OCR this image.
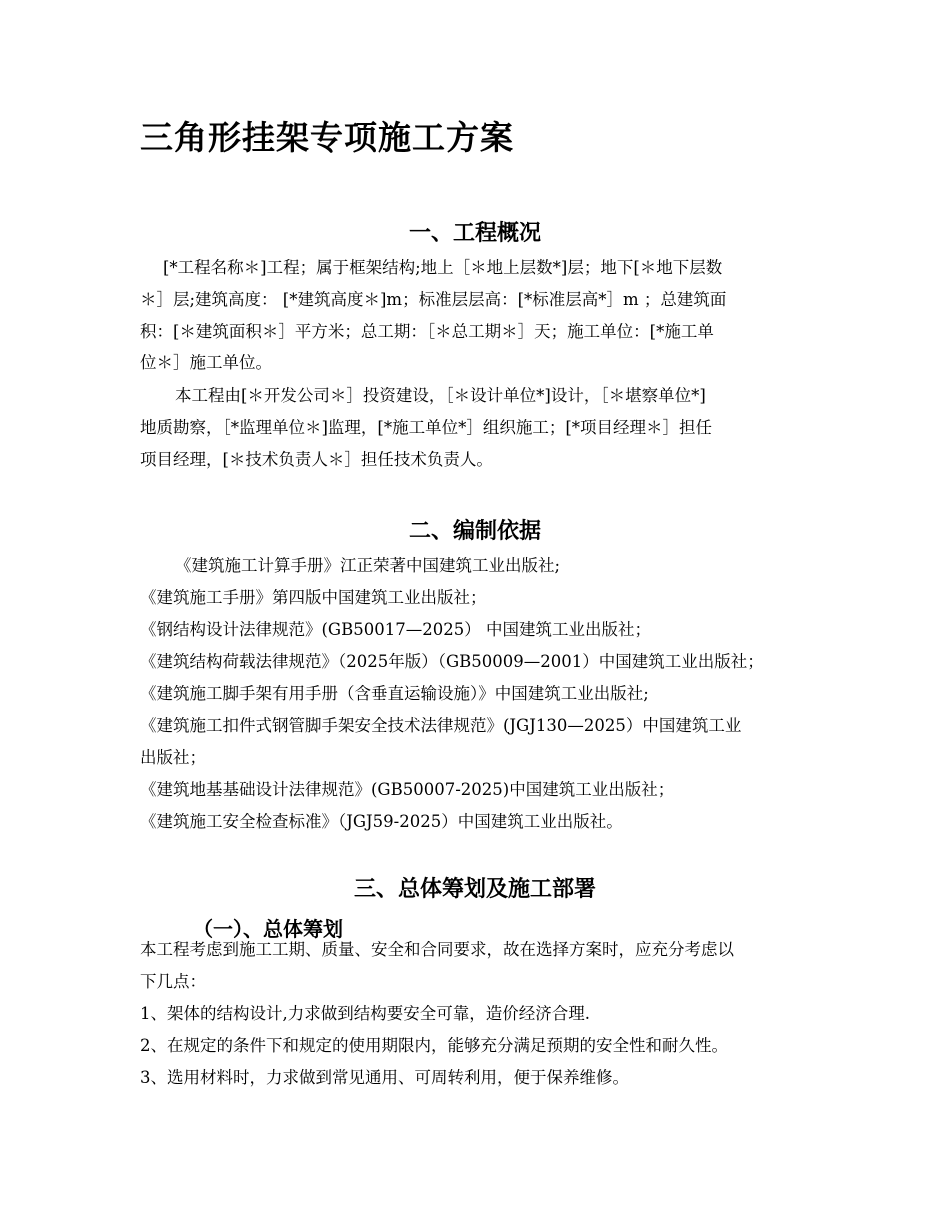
三角形挂架专项施工方案
一、工程概况

[*工程名称＊]工程；属于框架结构;地上［＊地上层数*]层；地下[＊地下层数

＊］层;建筑高度： [*建筑高度＊]m；标准层层高：[*标准层高*］m ；总建筑面

积：[＊建筑面积＊］平方米；总工期：［＊总工期＊］天；施工单位：[*施工单

位＊］施工单位。

本工程由[＊开发公司＊］投资建设，［＊设计单位*]设计，［＊堪察单位*]

地质勘察，［*监理单位＊]监理，[*施工单位*］组织施工；[*项目经理＊］担任

项目经理，[＊技术负责人＊］担任技术负责人。

二、编制依据

《建筑施工计算手册》江正荣著中国建筑工业出版社;

《建筑施工手册》第四版中国建筑工业出版社；

《钢结构设计法律规范》(GB50017—2025） 中国建筑工业出版社；

《建筑结构荷载法律规范》（2025年版）（GB50009—2001）中国建筑工业出版社；

《建筑施工脚手架有用手册（含垂直运输设施）》中国建筑工业出版社;

《建筑施工扣件式钢管脚手架安全技术法律规范》(JGJ130—2025）中国建筑工业

出版社；

《建筑地基基础设计法律规范》(GB50007-2025)中国建筑工业出版社；

《建筑施工安全检查标准》（JGJ59-2025）中国建筑工业出版社。

三、总体筹划及施工部署
（一）、总体筹划

本工程考虑到施工工期、质量、安全和合同要求，故在选择方案时，应充分考虑以

下几点：

1、架体的结构设计,力求做到结构要安全可靠，造价经济合理.

2、在规定的条件下和规定的使用期限内，能够充分满足预期的安全性和耐久性。

3、选用材料时，力求做到常见通用、可周转利用，便于保养维修。
